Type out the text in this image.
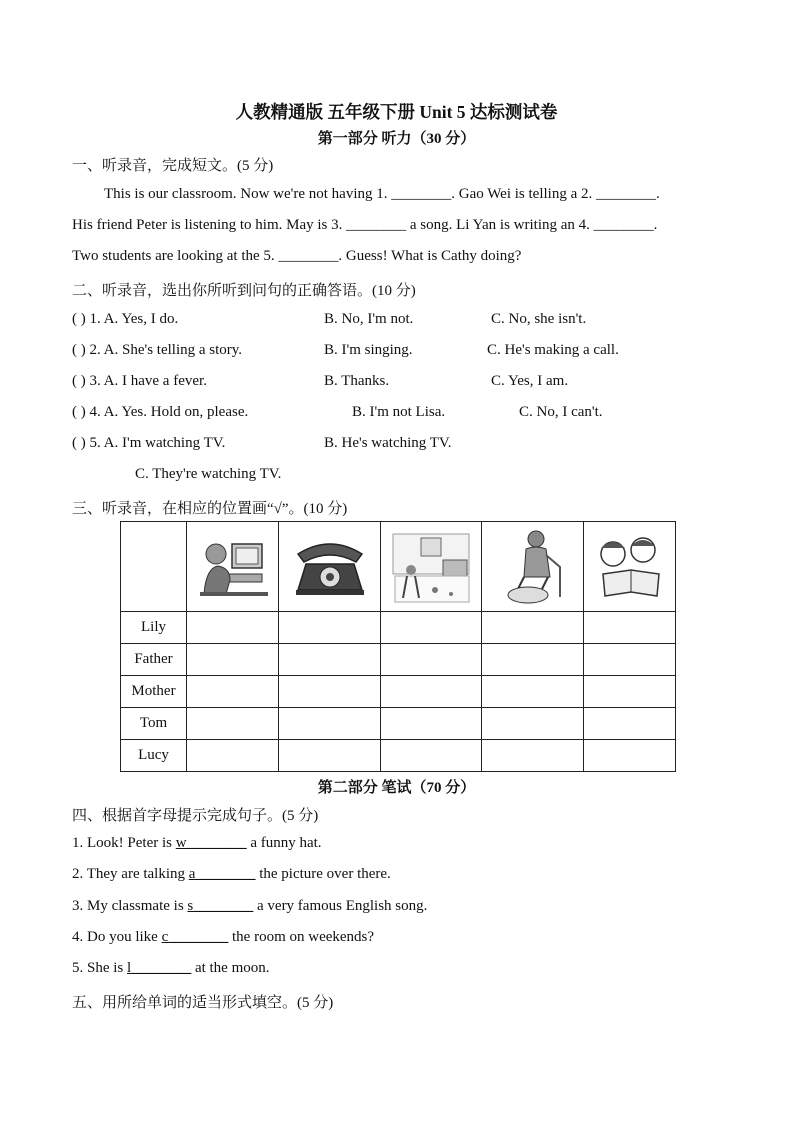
人教精通版 五年级下册 Unit 5 达标测试卷
第一部分 听力（30 分）
一、听录音，完成短文。(5 分)
This is our classroom. Now we're not having 1. ________. Gao Wei is telling a 2. ________.
His friend Peter is listening to him. May is 3. ________ a song. Li Yan is writing an 4. ________.
Two students are looking at the 5. ________. Guess! What is Cathy doing?
二、听录音，选出你所听到问句的正确答语。(10 分)
( ) 1. A. Yes, I do.	B. No, I'm not.	C. No, she isn't.
( ) 2. A. She's telling a story.	B. I'm singing.	C. He's making a call.
( ) 3. A. I have a fever.	B. Thanks.	C. Yes, I am.
( ) 4. A. Yes. Hold on, please.	B. I'm not Lisa.	C. No, I can't.
( ) 5. A. I'm watching TV.	B. He's watching TV.
C. They're watching TV.
三、听录音，在相应的位置画“√”。(10 分)

Lily					
Father					
Mother					
Tom					
Lucy					
第二部分 笔试（70 分）
四、根据首字母提示完成句子。(5 分)
1. Look! Peter is w________ a funny hat.
2. They are talking a________ the picture over there.
3. My classmate is s________ a very famous English song.
4. Do you like c________ the room on weekends?
5. She is l________ at the moon.
五、用所给单词的适当形式填空。(5 分)
